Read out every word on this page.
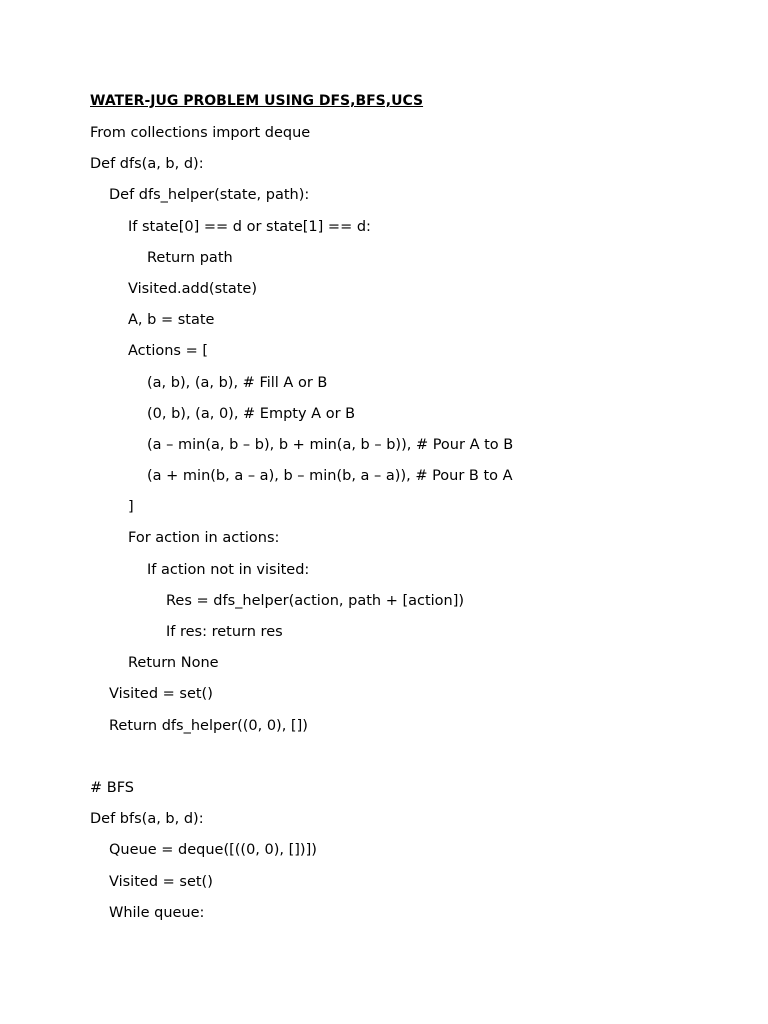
WATER-JUG PROBLEM USING DFS,BFS,UCS
From collections import deque
Def dfs(a, b, d):
Def dfs_helper(state, path):
If state[0] == d or state[1] == d:
Return path
Visited.add(state)
A, b = state
Actions = [
(a, b), (a, b), # Fill A or B
(0, b), (a, 0), # Empty A or B
(a – min(a, b – b), b + min(a, b – b)), # Pour A to B
(a + min(b, a – a), b – min(b, a – a)), # Pour B to A
]
For action in actions:
If action not in visited:
Res = dfs_helper(action, path + [action])
If res: return res
Return None
Visited = set()
Return dfs_helper((0, 0), [])
# BFS
Def bfs(a, b, d):
Queue = deque([((0, 0), [])])
Visited = set()
While queue:
